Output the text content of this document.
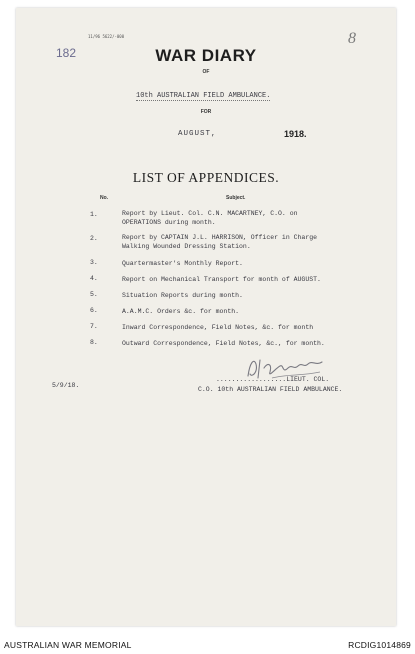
11/96 5622/-000
182
8
WAR DIARY
OF
10th AUSTRALIAN FIELD AMBULANCE.
FOR
AUGUST,	1918.
LIST OF APPENDICES.
No.	Subject.
1.	Report by Lieut. Col. C.N. MACARTNEY, C.O. on
OPERATIONS during month.
2.	Report by CAPTAIN J.L. HARRISON, Officer in Charge
Walking Wounded Dressing Station.
3.	Quartermaster's Monthly Report.
4.	Report on Mechanical Transport for month of AUGUST.
5.	Situation Reports during month.
6.	A.A.M.C. Orders &c. for month.
7.	Inward Correspondence, Field Notes, &c. for month
8.	Outward Correspondence, Field Notes, &c., for month.
5/9/18.
..................LIEUT. COL.
C.O. 10th AUSTRALIAN FIELD AMBULANCE.
AUSTRALIAN WAR MEMORIAL	RCDIG1014869
